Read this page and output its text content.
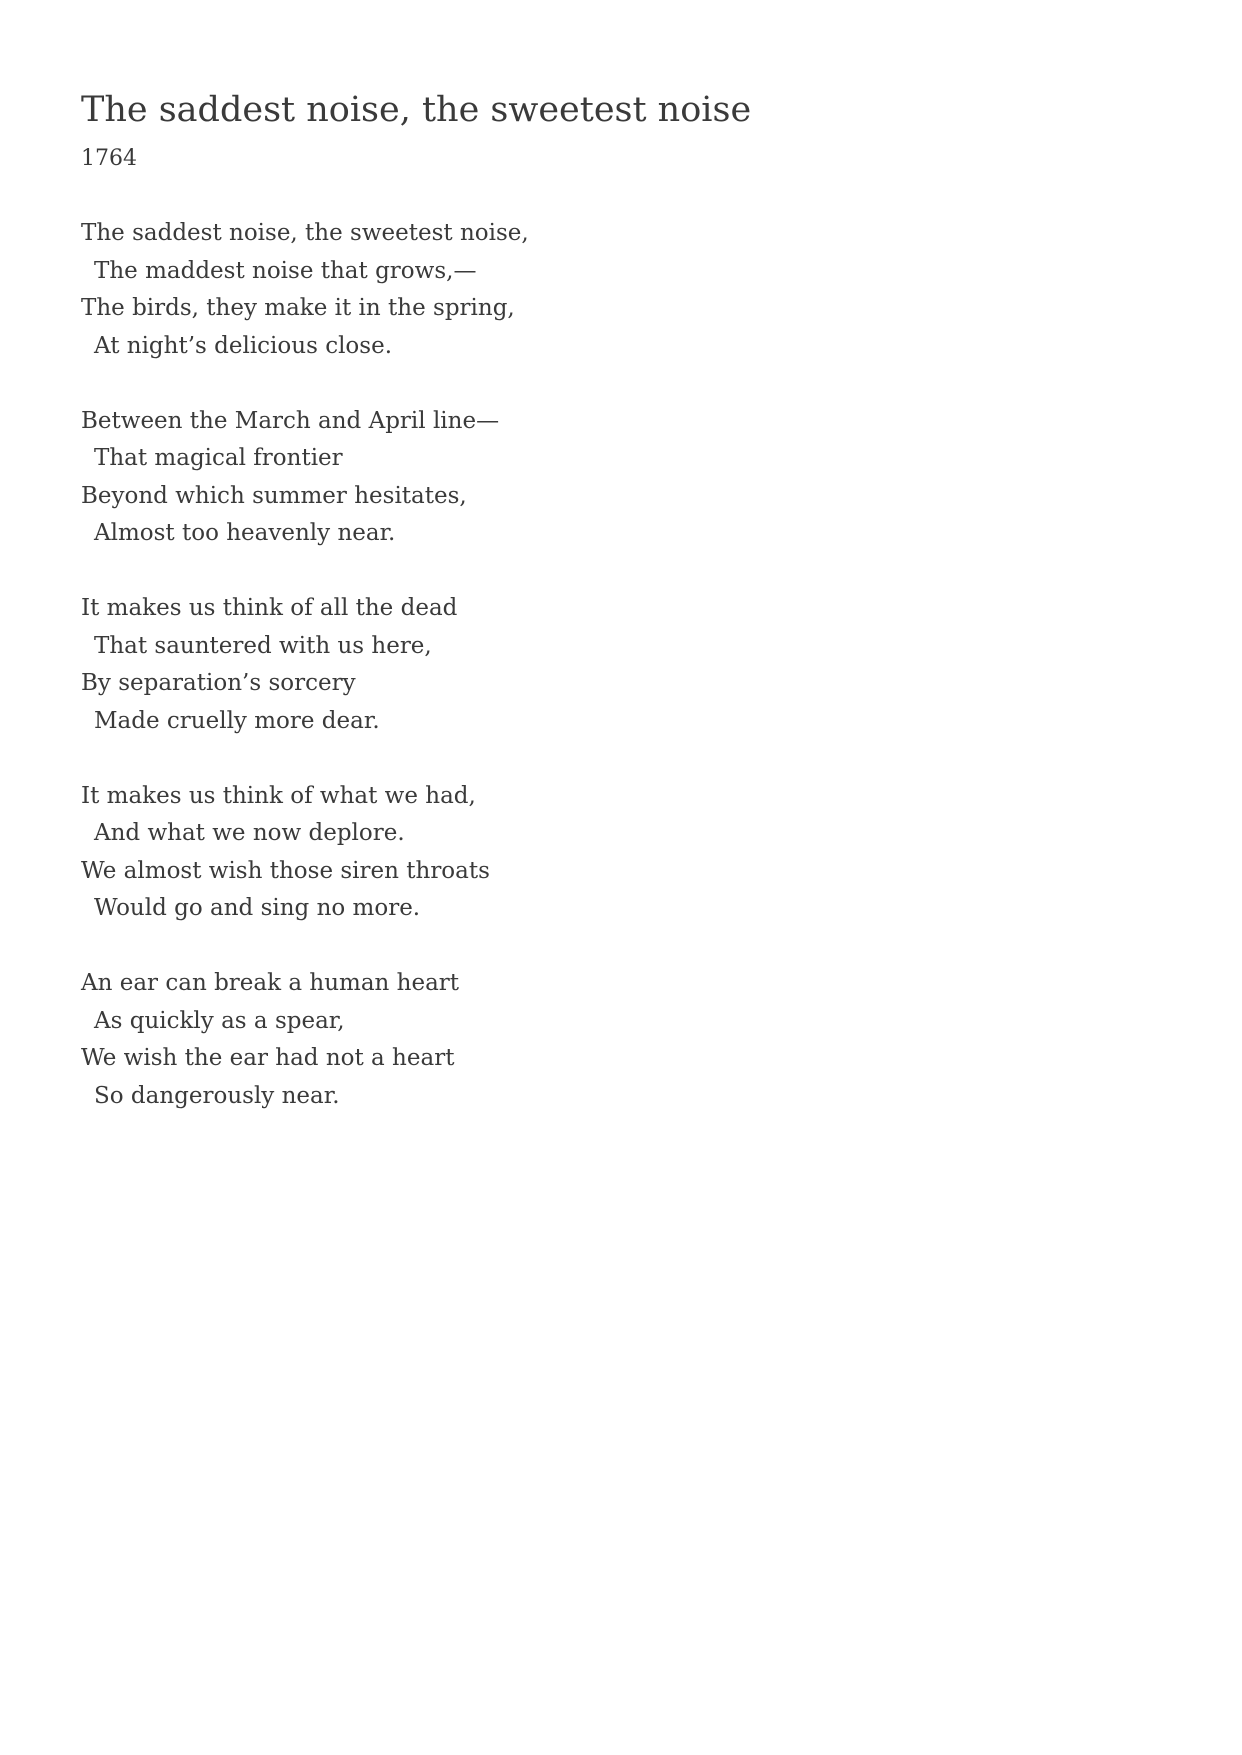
The saddest noise, the sweetest noise
1764
The saddest noise, the sweetest noise,
The maddest noise that grows,—
The birds, they make it in the spring,
At night’s delicious close.
Between the March and April line—
That magical frontier
Beyond which summer hesitates,
Almost too heavenly near.
It makes us think of all the dead
That sauntered with us here,
By separation’s sorcery
Made cruelly more dear.
It makes us think of what we had,
And what we now deplore.
We almost wish those siren throats
Would go and sing no more.
An ear can break a human heart
As quickly as a spear,
We wish the ear had not a heart
So dangerously near.
